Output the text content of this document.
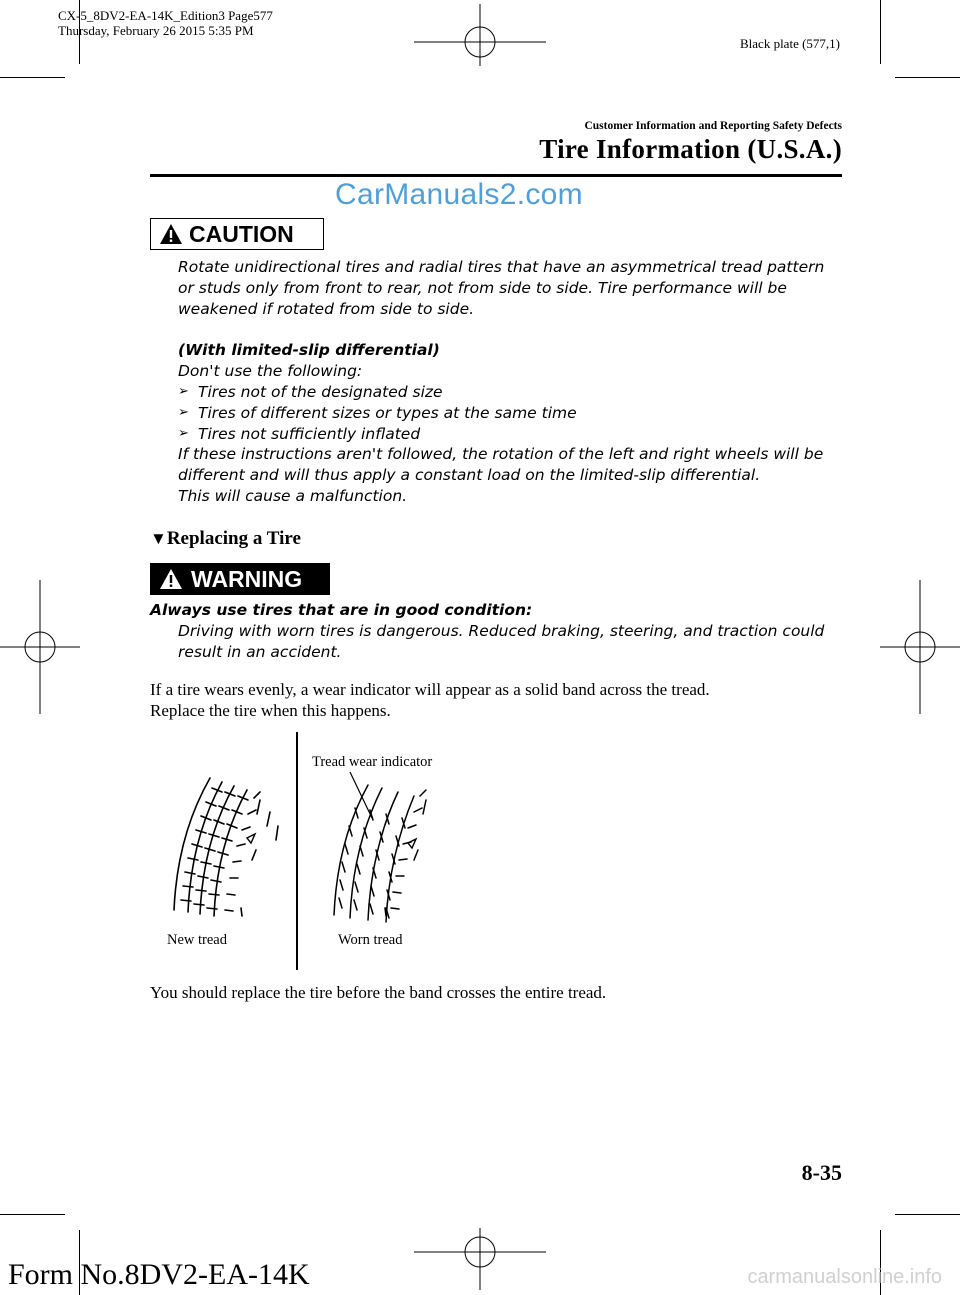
CX-5_8DV2-EA-14K_Edition3 Page577
Thursday, February 26 2015 5:35 PM
Black plate (577,1)
Customer Information and Reporting Safety Defects
Tire Information (U.S.A.)
CarManuals2.com
CAUTION
Rotate unidirectional tires and radial tires that have an asymmetrical tread pattern or studs only from front to rear, not from side to side. Tire performance will be weakened if rotated from side to side.
(With limited-slip differential)
Don't use the following:
➢ Tires not of the designated size
➢ Tires of different sizes or types at the same time
➢ Tires not sufficiently inflated
If these instructions aren't followed, the rotation of the left and right wheels will be different and will thus apply a constant load on the limited-slip differential.
This will cause a malfunction.
▼Replacing a Tire
WARNING
Always use tires that are in good condition:
Driving with worn tires is dangerous. Reduced braking, steering, and traction could result in an accident.
If a tire wears evenly, a wear indicator will appear as a solid band across the tread.
Replace the tire when this happens.
Tread wear indicator
New tread	Worn tread
You should replace the tire before the band crosses the entire tread.
8-35
Form No.8DV2-EA-14K	carmanualsonline.info
